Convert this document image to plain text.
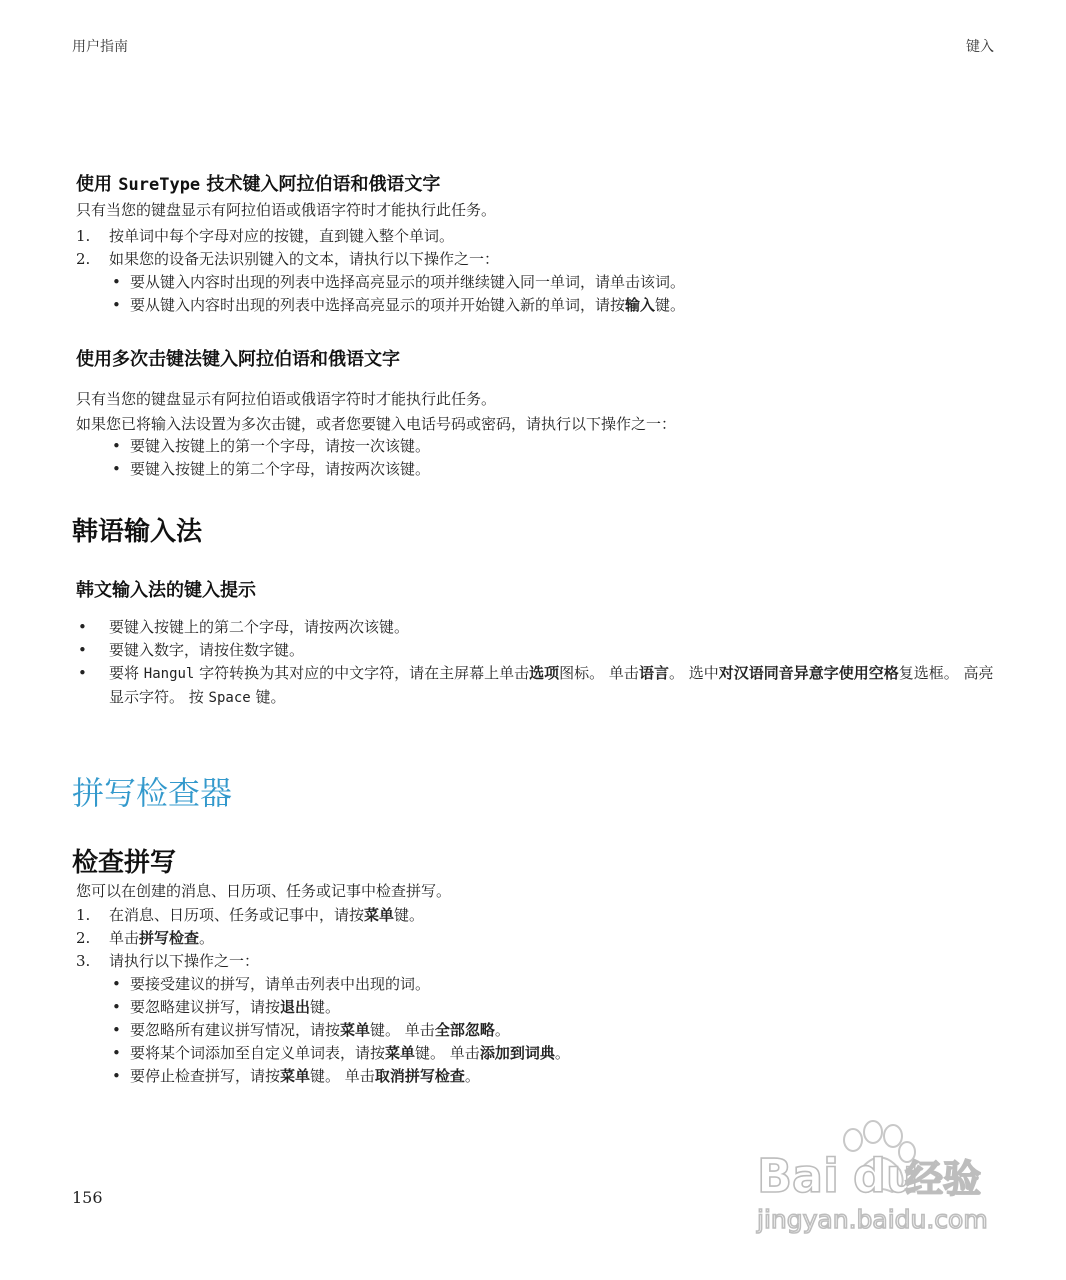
用户指南	键入
使用 SureType 技术键入阿拉伯语和俄语文字

只有当您的键盘显示有阿拉伯语或俄语字符时才能执行此任务。

1. 按单词中每个字母对应的按键，直到键入整个单词。
2. 如果您的设备无法识别键入的文本，请执行以下操作之一：
• 要从键入内容时出现的列表中选择高亮显示的项并继续键入同一单词，请单击该词。
• 要从键入内容时出现的列表中选择高亮显示的项并开始键入新的单词，请按输入键。
使用多次击键法键入阿拉伯语和俄语文字

只有当您的键盘显示有阿拉伯语或俄语字符时才能执行此任务。

如果您已将输入法设置为多次击键，或者您要键入电话号码或密码，请执行以下操作之一：

• 要键入按键上的第一个字母，请按一次该键。
• 要键入按键上的第二个字母，请按两次该键。
韩语输入法
韩文输入法的键入提示
• 要键入按键上的第二个字母，请按两次该键。
• 要键入数字，请按住数字键。
• 要将 Hangul 字符转换为其对应的中文字符，请在主屏幕上单击选项图标。 单击语言。 选中对汉语同音异意字使用空格复选框。 高亮显示字符。 按 Space 键。
拼写检查器
检查拼写

您可以在创建的消息、日历项、任务或记事中检查拼写。

1. 在消息、日历项、任务或记事中，请按菜单键。
2. 单击拼写检查。
3. 请执行以下操作之一：
• 要接受建议的拼写，请单击列表中出现的词。
• 要忽略建议拼写，请按退出键。
• 要忽略所有建议拼写情况，请按菜单键。 单击全部忽略。
• 要将某个词添加至自定义单词表，请按菜单键。 单击添加到词典。
• 要停止检查拼写，请按菜单键。 单击取消拼写检查。
156	Bai du
经验
jingyan.baidu.com
